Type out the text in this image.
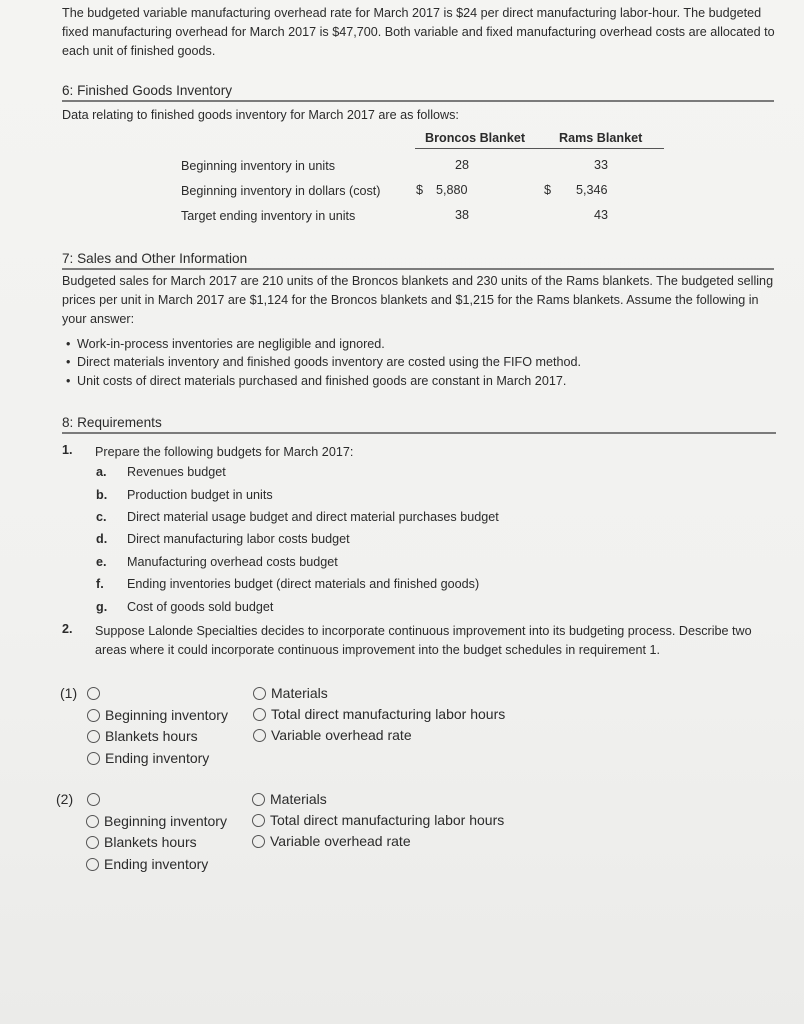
The budgeted variable manufacturing overhead rate for March 2017 is $24 per direct manufacturing labor-hour. The budgeted fixed manufacturing overhead for March 2017 is $47,700. Both variable and fixed manufacturing overhead costs are allocated to each unit of finished goods.
6: Finished Goods Inventory
Data relating to finished goods inventory for March 2017 are as follows:
Broncos Blanket	Rams Blanket
Beginning inventory in units	28	33
Beginning inventory in dollars (cost)	$ 5,880	$ 5,346
Target ending inventory in units	38	43
7: Sales and Other Information
Budgeted sales for March 2017 are 210 units of the Broncos blankets and 230 units of the Rams blankets. The budgeted selling prices per unit in March 2017 are $1,124 for the Broncos blankets and $1,215 for the Rams blankets. Assume the following in your answer:
• Work-in-process inventories are negligible and ignored.
• Direct materials inventory and finished goods inventory are costed using the FIFO method.
• Unit costs of direct materials purchased and finished goods are constant in March 2017.
8: Requirements
1. Prepare the following budgets for March 2017:
a. Revenues budget
b. Production budget in units
c. Direct material usage budget and direct material purchases budget
d. Direct manufacturing labor costs budget
e. Manufacturing overhead costs budget
f. Ending inventories budget (direct materials and finished goods)
g. Cost of goods sold budget
2. Suppose Lalonde Specialties decides to incorporate continuous improvement into its budgeting process. Describe two areas where it could incorporate continuous improvement into the budget schedules in requirement 1.
(1)
Beginning inventory
Blankets hours
Ending inventory
Materials
Total direct manufacturing labor hours
Variable overhead rate
(2)
Beginning inventory
Blankets hours
Ending inventory
Materials
Total direct manufacturing labor hours
Variable overhead rate
